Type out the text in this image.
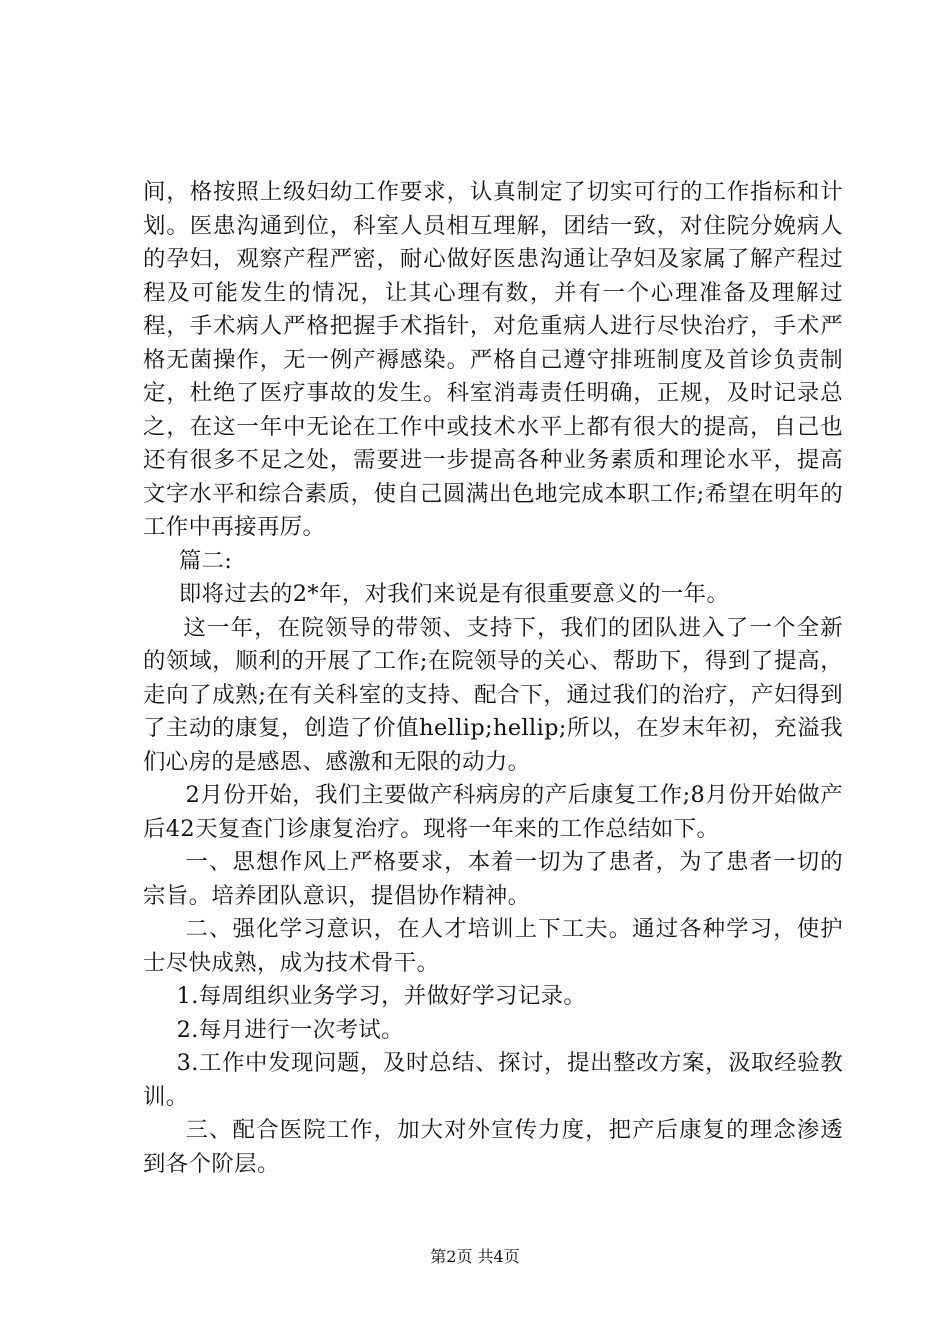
间，格按照上级妇幼工作要求，认真制定了切实可行的工作指标和计划。医患沟通到位，科室人员相互理解，团结一致，对住院分娩病人的孕妇，观察产程严密，耐心做好医患沟通让孕妇及家属了解产程过程及可能发生的情况，让其心理有数，并有一个心理准备及理解过程，手术病人严格把握手术指针，对危重病人进行尽快治疗，手术严格无菌操作，无一例产褥感染。严格自己遵守排班制度及首诊负责制定，杜绝了医疗事故的发生。科室消毒责任明确，正规，及时记录总之，在这一年中无论在工作中或技术水平上都有很大的提高，自己也还有很多不足之处，需要进一步提高各种业务素质和理论水平，提高文字水平和综合素质，使自己圆满出色地完成本职工作;希望在明年的工作中再接再厉。

篇二:

即将过去的2*年，对我们来说是有很重要意义的一年。

这一年，在院领导的带领、支持下，我们的团队进入了一个全新的领域，顺利的开展了工作;在院领导的关心、帮助下，得到了提高，走向了成熟;在有关科室的支持、配合下，通过我们的治疗，产妇得到了主动的康复，创造了价值hellip;hellip;所以，在岁末年初，充溢我们心房的是感恩、感激和无限的动力。

2月份开始，我们主要做产科病房的产后康复工作;8月份开始做产后42天复查门诊康复治疗。现将一年来的工作总结如下。

一、思想作风上严格要求，本着一切为了患者，为了患者一切的宗旨。培养团队意识，提倡协作精神。

二、强化学习意识，在人才培训上下工夫。通过各种学习，使护士尽快成熟，成为技术骨干。

1.每周组织业务学习，并做好学习记录。

2.每月进行一次考试。

3.工作中发现问题，及时总结、探讨，提出整改方案，汲取经验教训。

三、配合医院工作，加大对外宣传力度，把产后康复的理念渗透到各个阶层。

第2页 共4页
